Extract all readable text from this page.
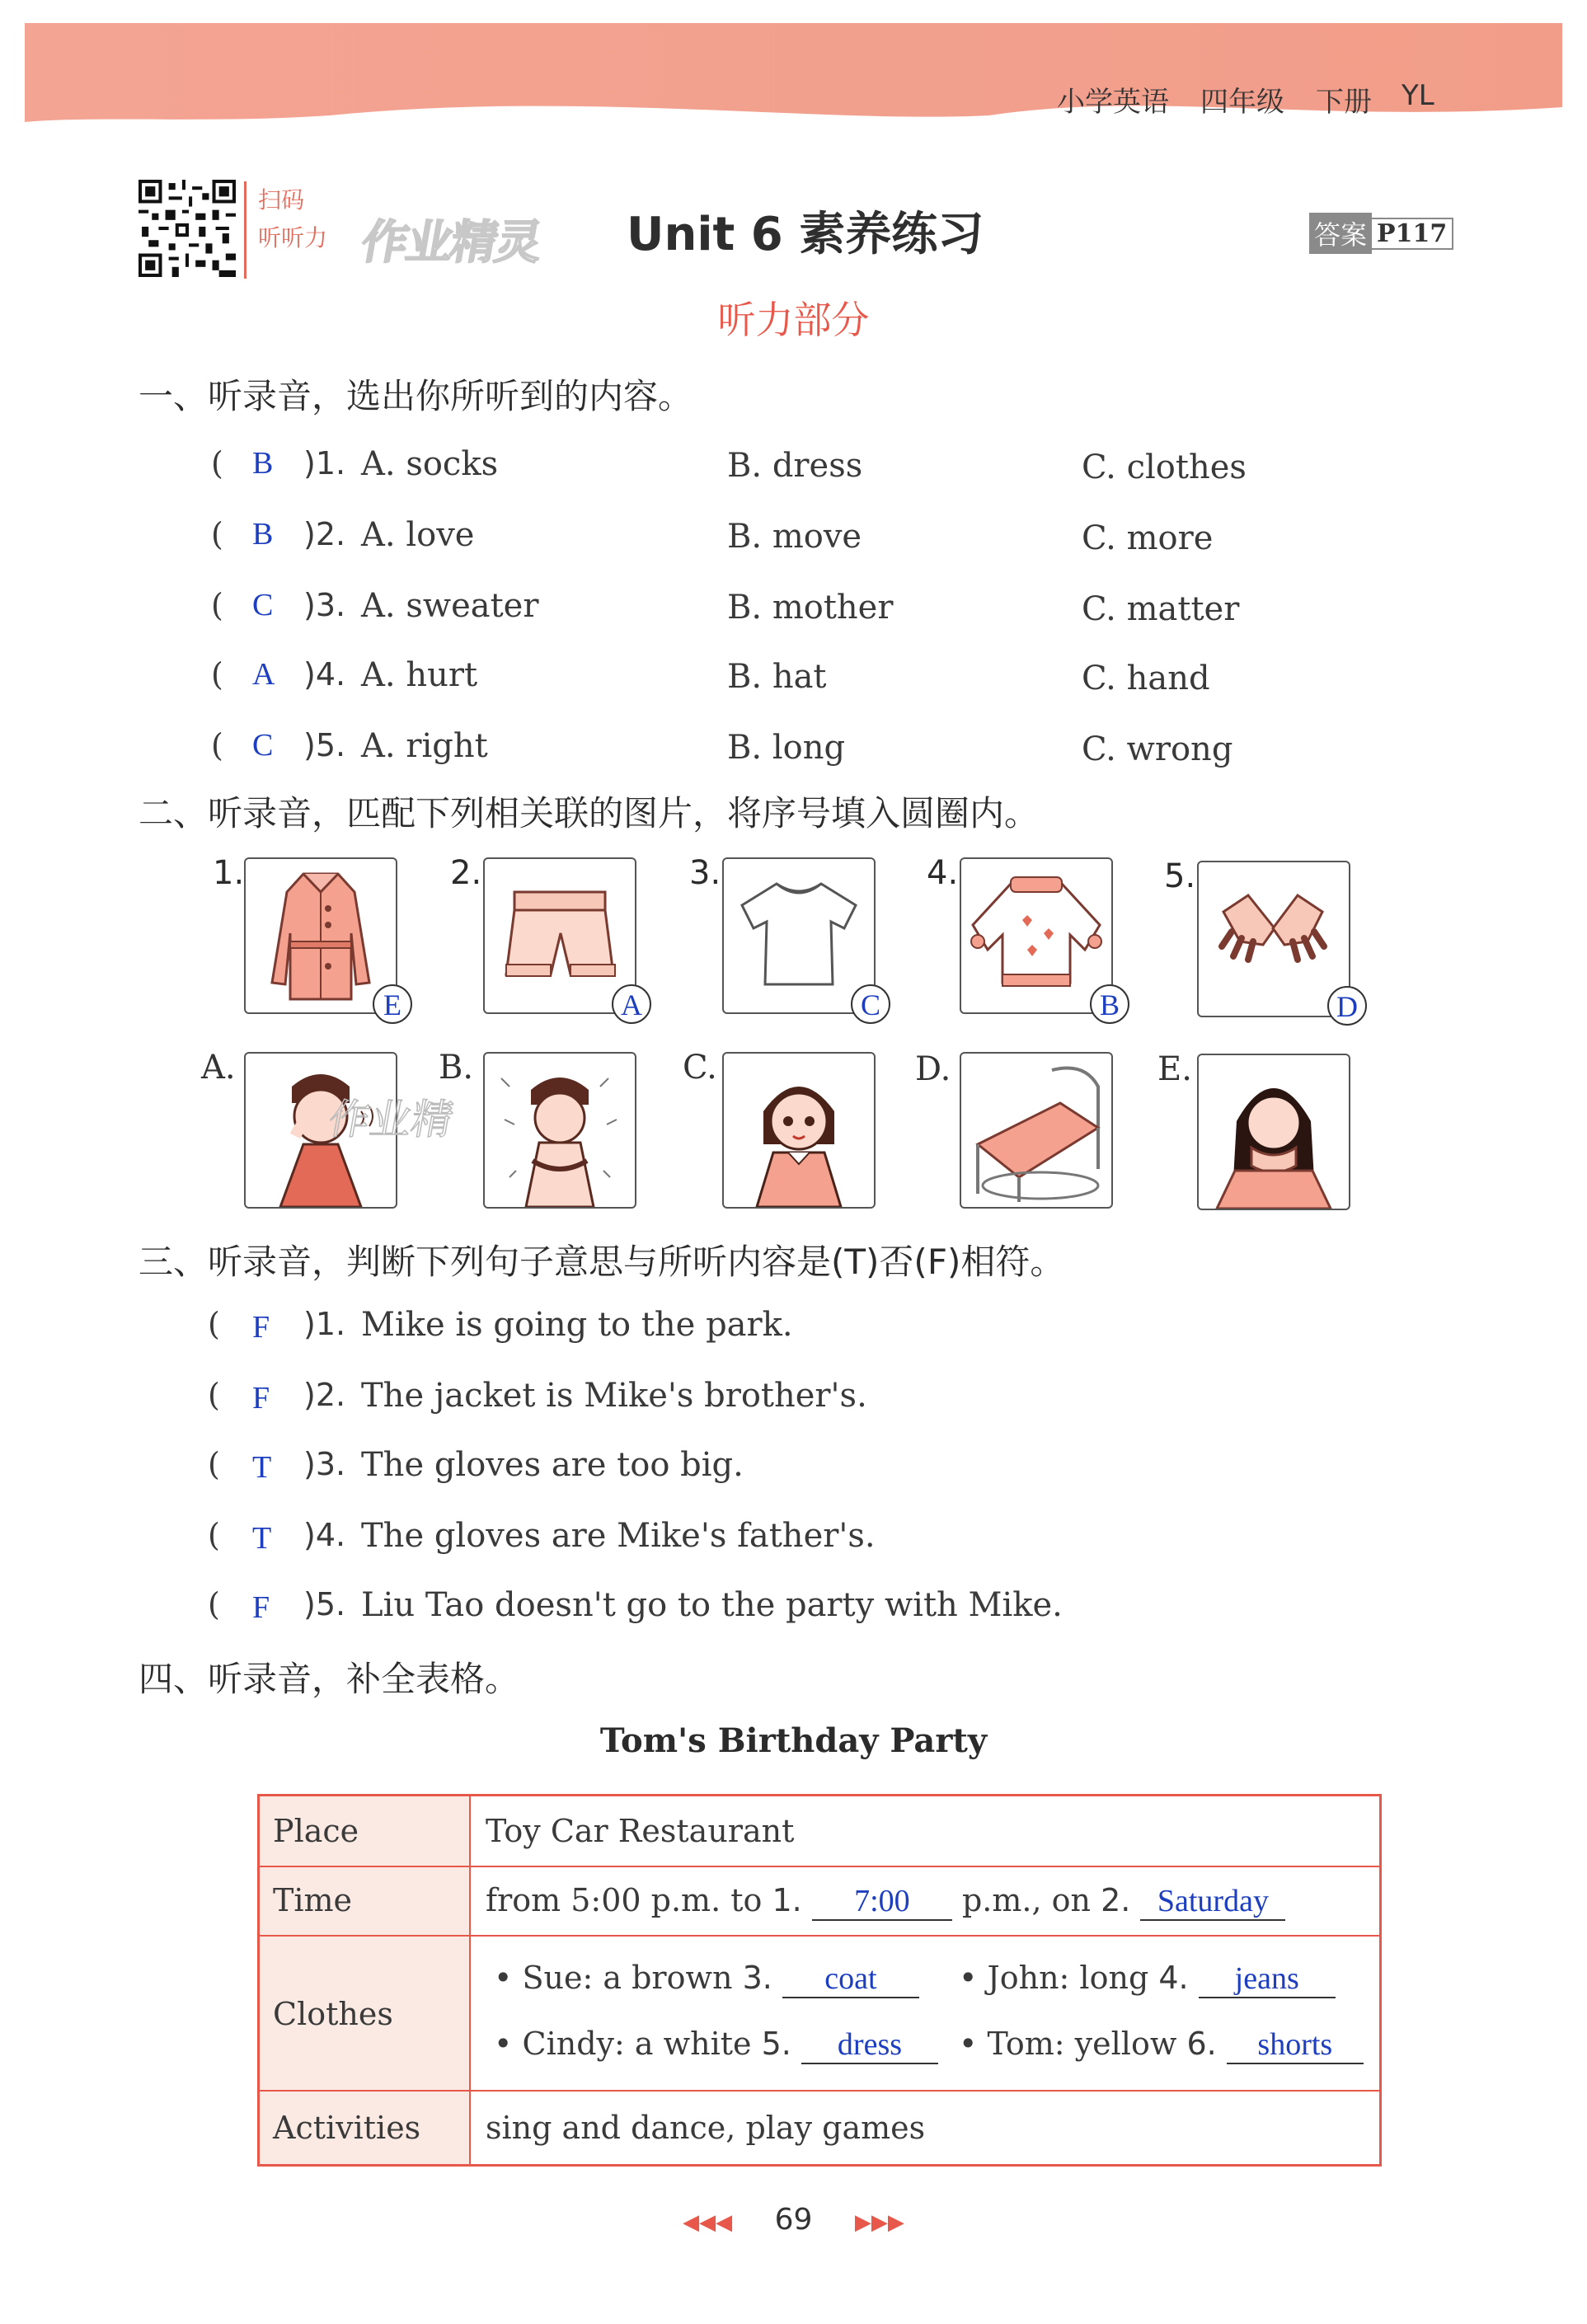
小学英语 四年级 下册 YL
扫码
听听力 作业精灵 Unit 6 素养练习	答案 P117
听力部分
一、听录音，选出你所听到的内容。
( B )1. A. socks	B. dress	C. clothes
( B )2. A. love	B. move	C. more
( C )3. A. sweater	B. mother	C. matter
( A )4. A. hurt	B. hat	C. hand
( C )5. A. right	B. long	C. wrong
二、听录音，匹配下列相关联的图片，将序号填入圆圈内。
1.
E
2.
A
3.
C
4.
B
5.
D
A.	B.
作业精
C.	D.	E.
三、听录音，判断下列句子意思与所听内容是(T)否(F)相符。
( F )1. Mike is going to the park.
( F )2. The jacket is Mike's brother's.
( T )3. The gloves are too big.
( T )4. The gloves are Mike's father's.
( F )5. Liu Tao doesn't go to the party with Mike.
四、听录音，补全表格。
Tom's Birthday Party
Place	Toy Car Restaurant
Time	from 5:00 p.m. to 1. 7:00 p.m., on 2. Saturday
Clothes
• Sue: a brown 3. coat	• John: long 4. jeans
• Cindy: a white 5. dress	• Tom: yellow 6. shorts
Activities sing and dance, play games
◀◀◀ 69 ▶▶▶
